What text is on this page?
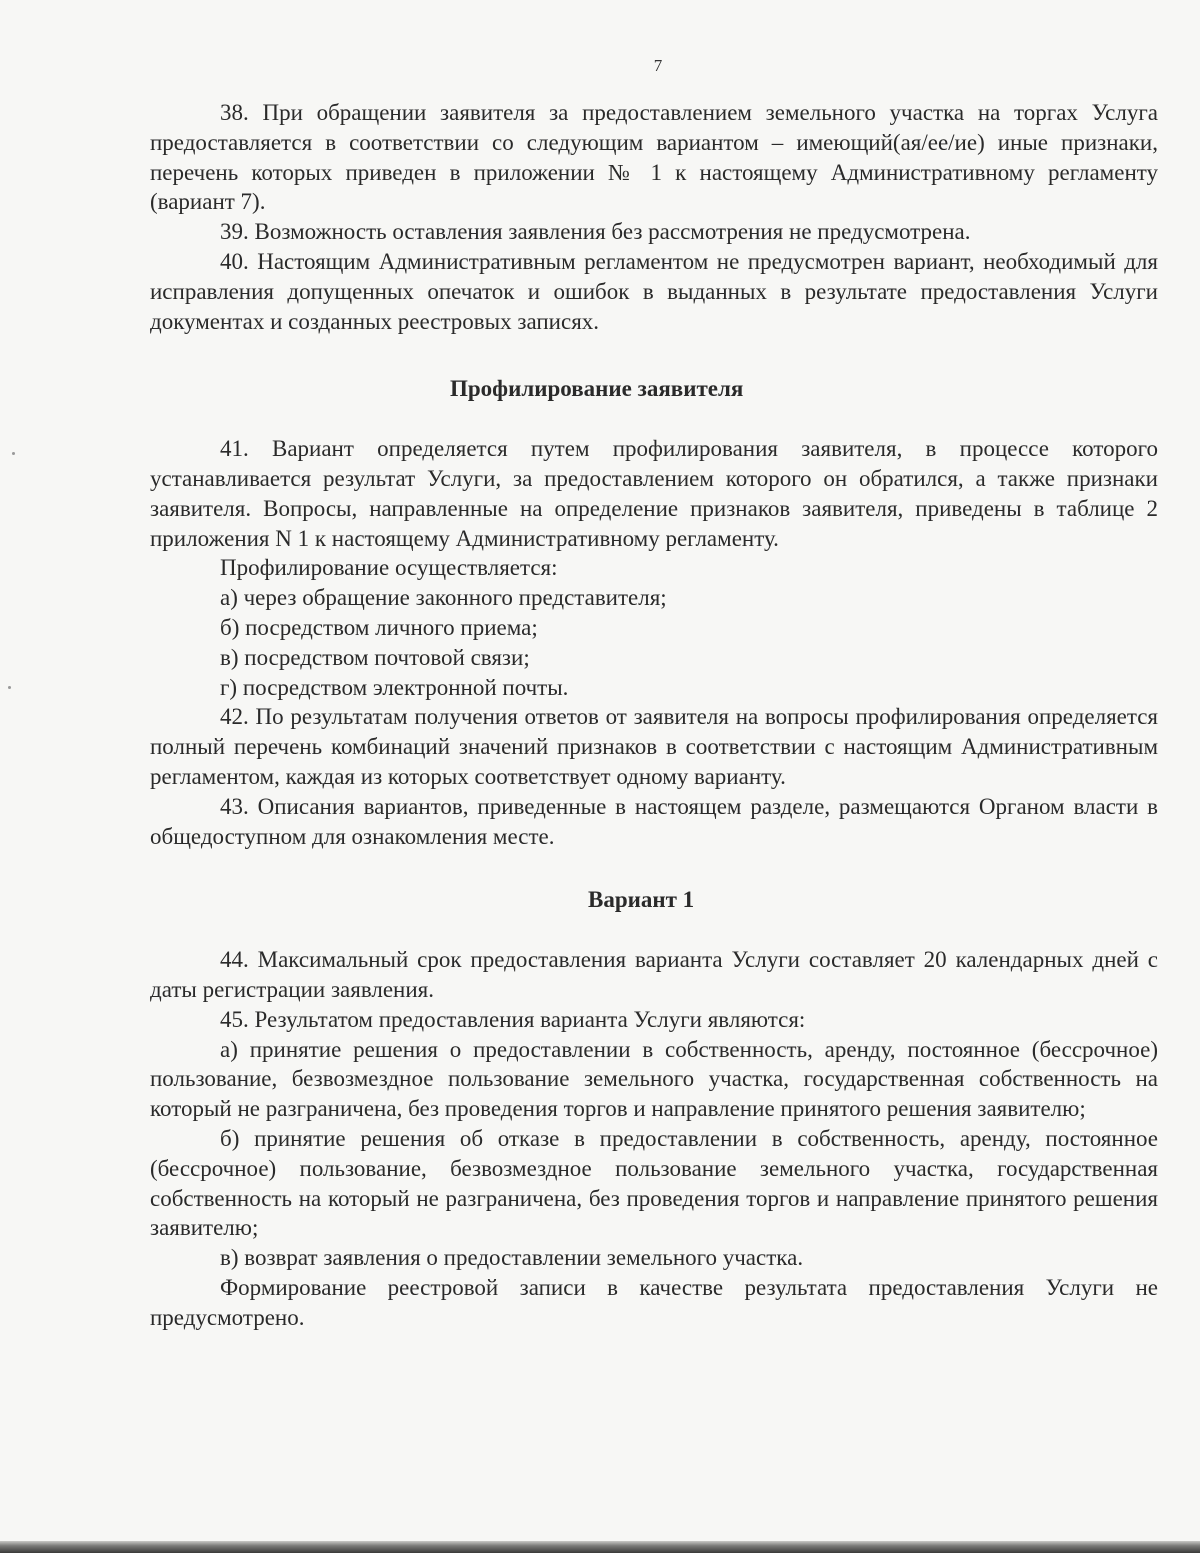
7

38. При обращении заявителя за предоставлением земельного участка на торгах Услуга предоставляется в соответствии со следующим вариантом – имеющий(ая/ее/ие) иные признаки, перечень которых приведен в приложении № 1 к настоящему Административному регламенту (вариант 7).

39. Возможность оставления заявления без рассмотрения не предусмотрена.

40. Настоящим Административным регламентом не предусмотрен вариант, необходимый для исправления допущенных опечаток и ошибок в выданных в результате предоставления Услуги документах и созданных реестровых записях.

Профилирование заявителя

41. Вариант определяется путем профилирования заявителя, в процессе которого устанавливается результат Услуги, за предоставлением которого он обратился, а также признаки заявителя. Вопросы, направленные на определение признаков заявителя, приведены в таблице 2 приложения N 1 к настоящему Административному регламенту.

Профилирование осуществляется:

а) через обращение законного представителя;

б) посредством личного приема;

в) посредством почтовой связи;

г) посредством электронной почты.

42. По результатам получения ответов от заявителя на вопросы профилирования определяется полный перечень комбинаций значений признаков в соответствии с настоящим Административным регламентом, каждая из которых соответствует одному варианту.

43. Описания вариантов, приведенные в настоящем разделе, размещаются Органом власти в общедоступном для ознакомления месте.

Вариант 1

44. Максимальный срок предоставления варианта Услуги составляет 20 календарных дней с даты регистрации заявления.

45. Результатом предоставления варианта Услуги являются:

а) принятие решения о предоставлении в собственность, аренду, постоянное (бессрочное) пользование, безвозмездное пользование земельного участка, государственная собственность на который не разграничена, без проведения торгов и направление принятого решения заявителю;

б) принятие решения об отказе в предоставлении в собственность, аренду, постоянное (бессрочное) пользование, безвозмездное пользование земельного участка, государственная собственность на который не разграничена, без проведения торгов и направление принятого решения заявителю;

в) возврат заявления о предоставлении земельного участка.

Формирование реестровой записи в качестве результата предоставления Услуги не предусмотрено.
